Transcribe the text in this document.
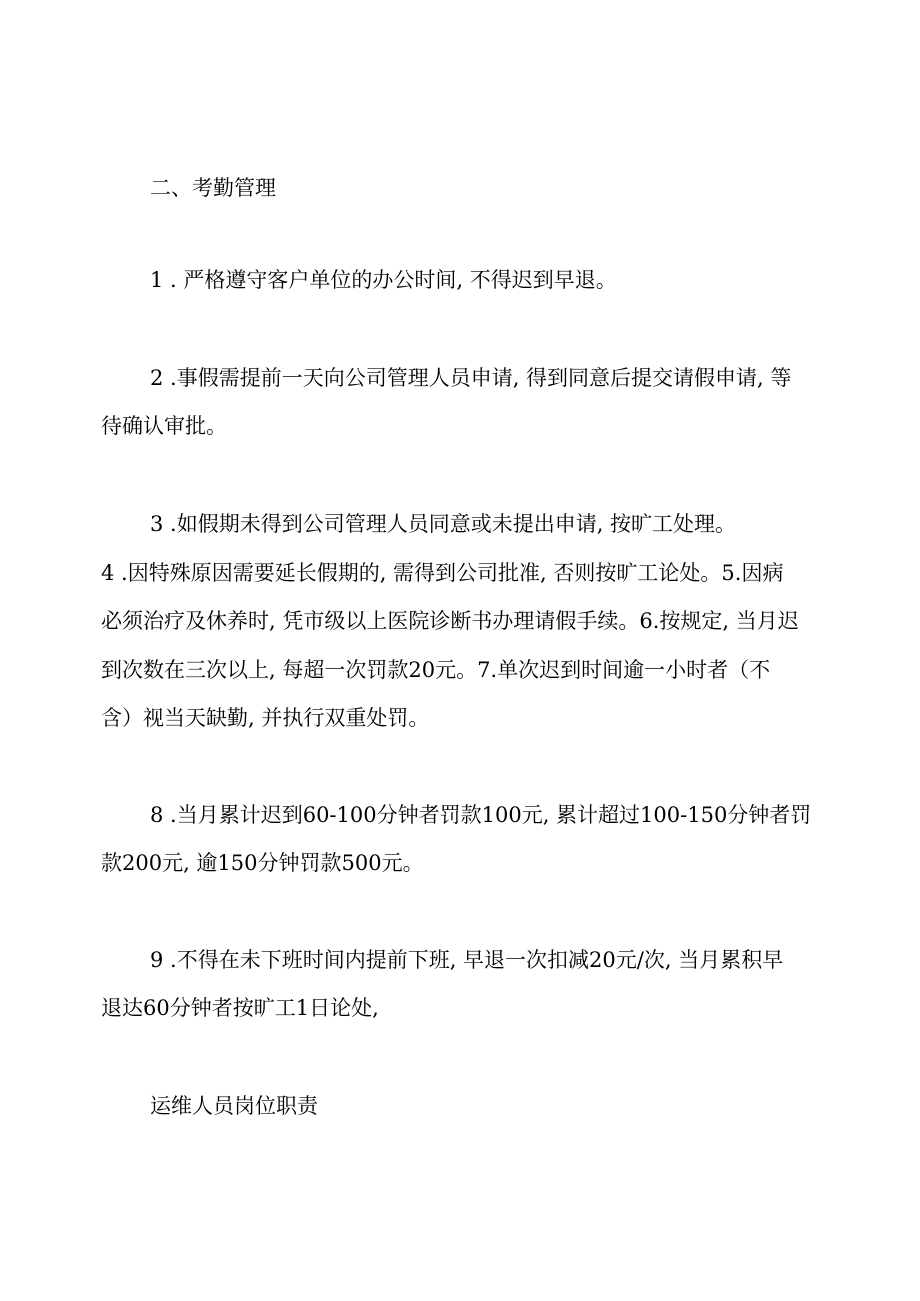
二、考勤管理
1 . 严格遵守客户单位的办公时间, 不得迟到早退。
2 .事假需提前一天向公司管理人员申请, 得到同意后提交请假申请, 等
待确认审批。
3 .如假期未得到公司管理人员同意或未提出申请, 按旷工处理。
4 .因特殊原因需要延长假期的, 需得到公司批准, 否则按旷工论处。5.因病
必须治疗及休养时, 凭市级以上医院诊断书办理请假手续。6.按规定, 当月迟
到次数在三次以上, 每超一次罚款20元。7.单次迟到时间逾一小时者（不
含）视当天缺勤, 并执行双重处罚。
8 .当月累计迟到60-100分钟者罚款100元, 累计超过100-150分钟者罚
款200元, 逾150分钟罚款500元。
9 .不得在未下班时间内提前下班, 早退一次扣减20元/次, 当月累积早
退达60分钟者按旷工1日论处,
运维人员岗位职责
